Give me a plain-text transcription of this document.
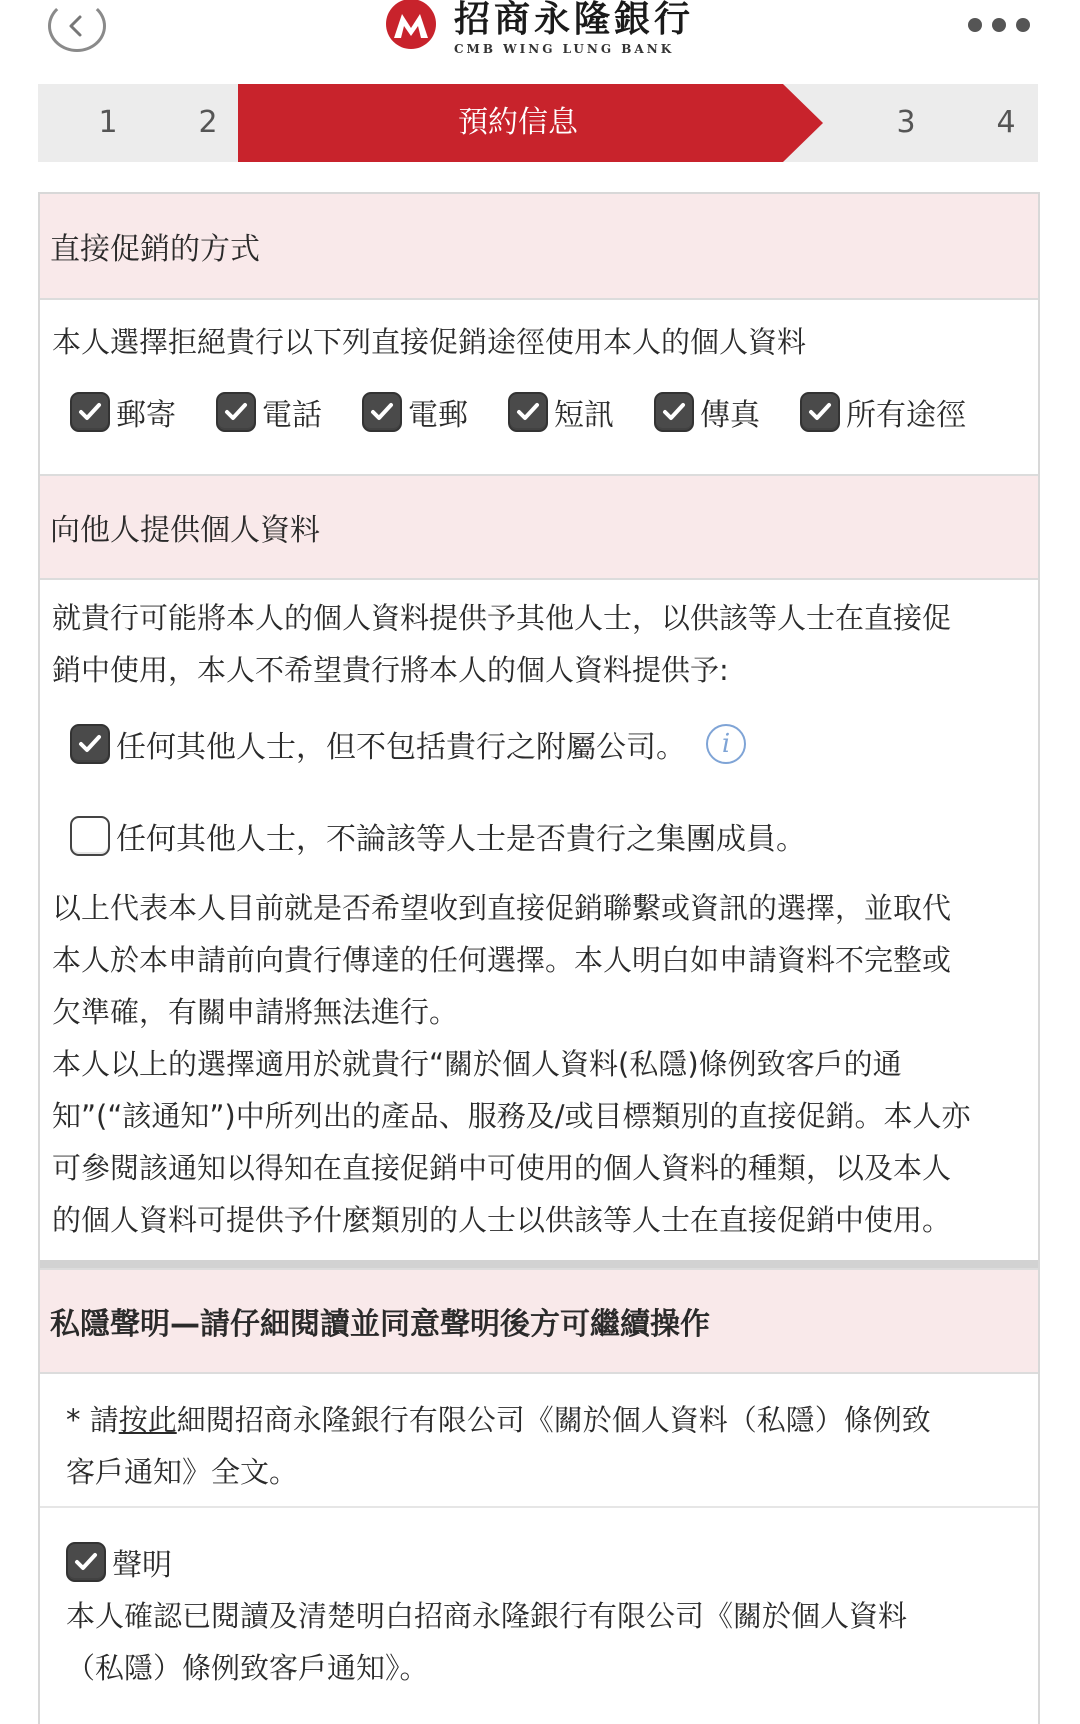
招商永隆銀行
CMB WING LUNG BANK
1	2	預約信息	3	4
直接促銷的方式
本人選擇拒絕貴行以下列直接促銷途徑使用本人的個人資料
郵寄	電話	電郵	短訊	傳真	所有途徑
向他人提供個人資料
就貴行可能將本人的個人資料提供予其他人士，以供該等人士在直接促
銷中使用，本人不希望貴行將本人的個人資料提供予:
任何其他人士，但不包括貴行之附屬公司。	i
任何其他人士，不論該等人士是否貴行之集團成員。
以上代表本人目前就是否希望收到直接促銷聯繫或資訊的選擇，並取代
本人於本申請前向貴行傳達的任何選擇。本人明白如申請資料不完整或
欠準確，有關申請將無法進行。
本人以上的選擇適用於就貴行“關於個人資料(私隱)條例致客戶的通
知”(“該通知”)中所列出的產品、服務及/或目標類別的直接促銷。本人亦
可參閱該通知以得知在直接促銷中可使用的個人資料的種類，以及本人
的個人資料可提供予什麼類別的人士以供該等人士在直接促銷中使用。
私隱聲明—請仔細閱讀並同意聲明後方可繼續操作
* 請按此細閱招商永隆銀行有限公司《關於個人資料（私隱）條例致
客戶通知》全文。
聲明
本人確認已閱讀及清楚明白招商永隆銀行有限公司《關於個人資料
（私隱）條例致客戶通知》。
